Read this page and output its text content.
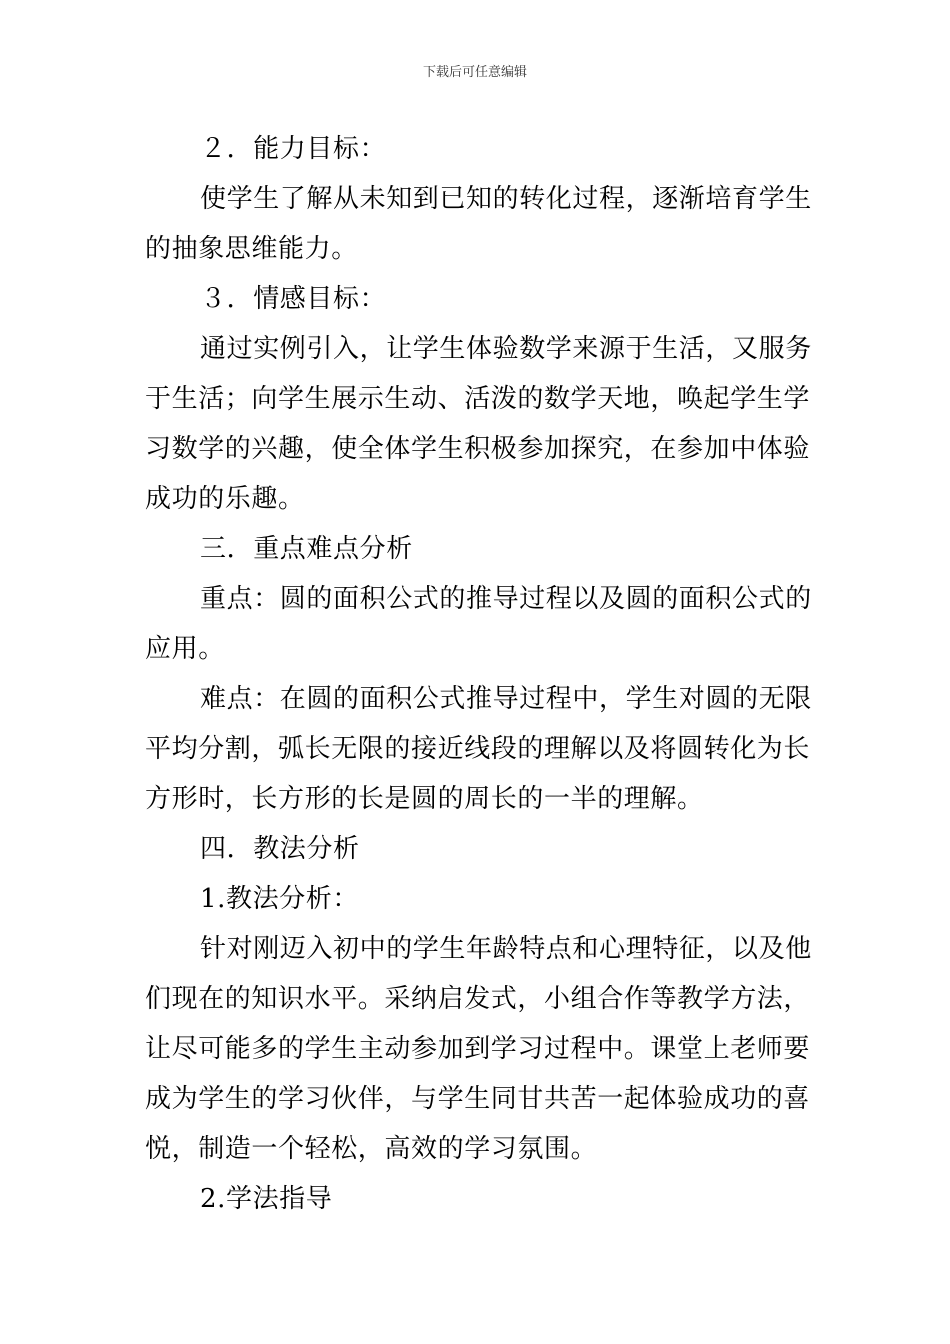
下载后可任意编辑
２．能力目标：
使学生了解从未知到已知的转化过程，逐渐培育学生
的抽象思维能力。
３．情感目标：
通过实例引入，让学生体验数学来源于生活，又服务
于生活；向学生展示生动、活泼的数学天地，唤起学生学
习数学的兴趣，使全体学生积极参加探究，在参加中体验
成功的乐趣。
三．重点难点分析
重点：圆的面积公式的推导过程以及圆的面积公式的
应用。
难点：在圆的面积公式推导过程中，学生对圆的无限
平均分割，弧长无限的接近线段的理解以及将圆转化为长
方形时，长方形的长是圆的周长的一半的理解。
四．教法分析
1.教法分析：
针对刚迈入初中的学生年龄特点和心理特征，以及他
们现在的知识水平。采纳启发式，小组合作等教学方法，
让尽可能多的学生主动参加到学习过程中。课堂上老师要
成为学生的学习伙伴，与学生同甘共苦一起体验成功的喜
悦，制造一个轻松，高效的学习氛围。
2.学法指导
